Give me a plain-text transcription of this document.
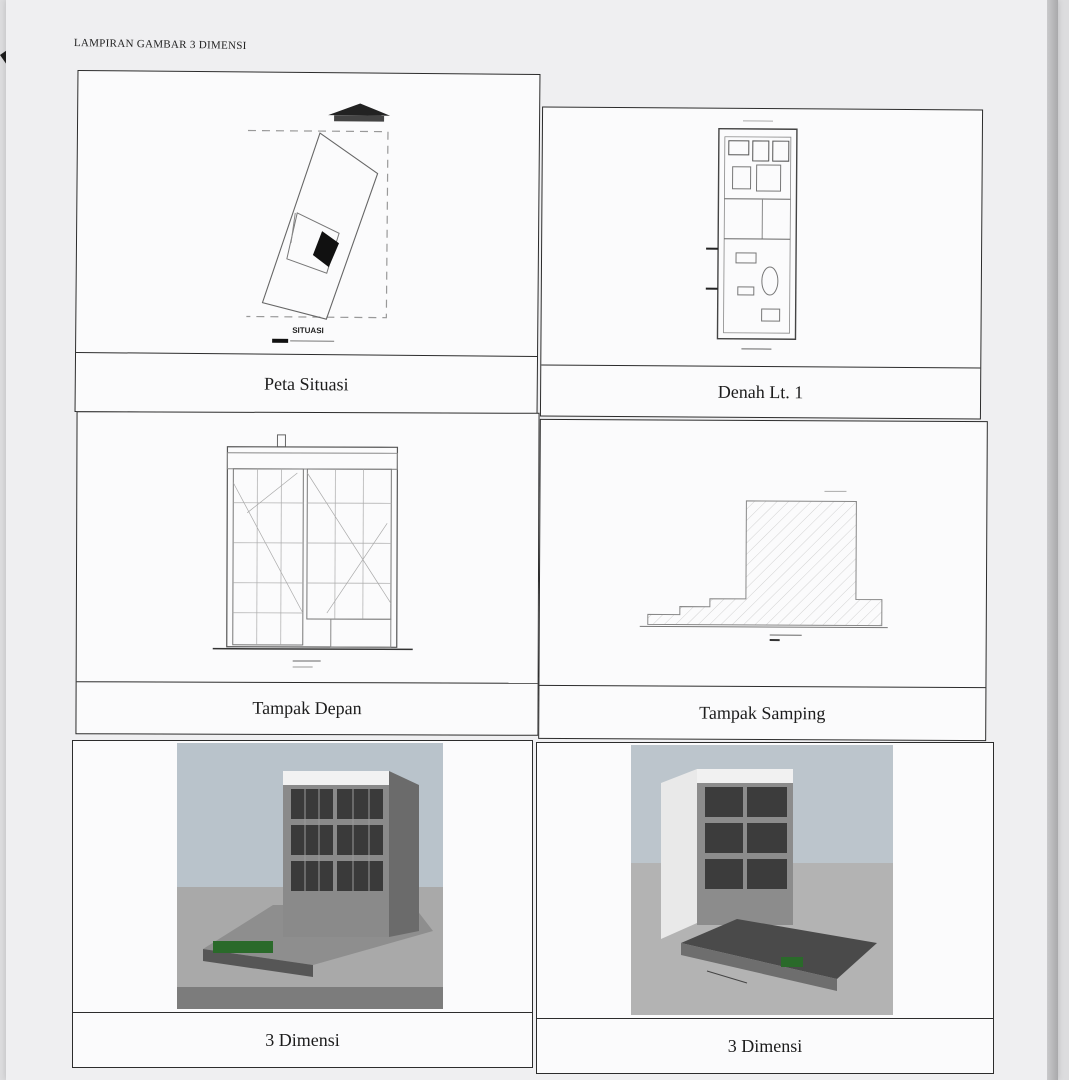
LAMPIRAN GAMBAR 3 DIMENSI
SITUASI
Peta Situasi	Denah Lt. 1
Tampak Depan	Tampak Samping
3 Dimensi	3 Dimensi
